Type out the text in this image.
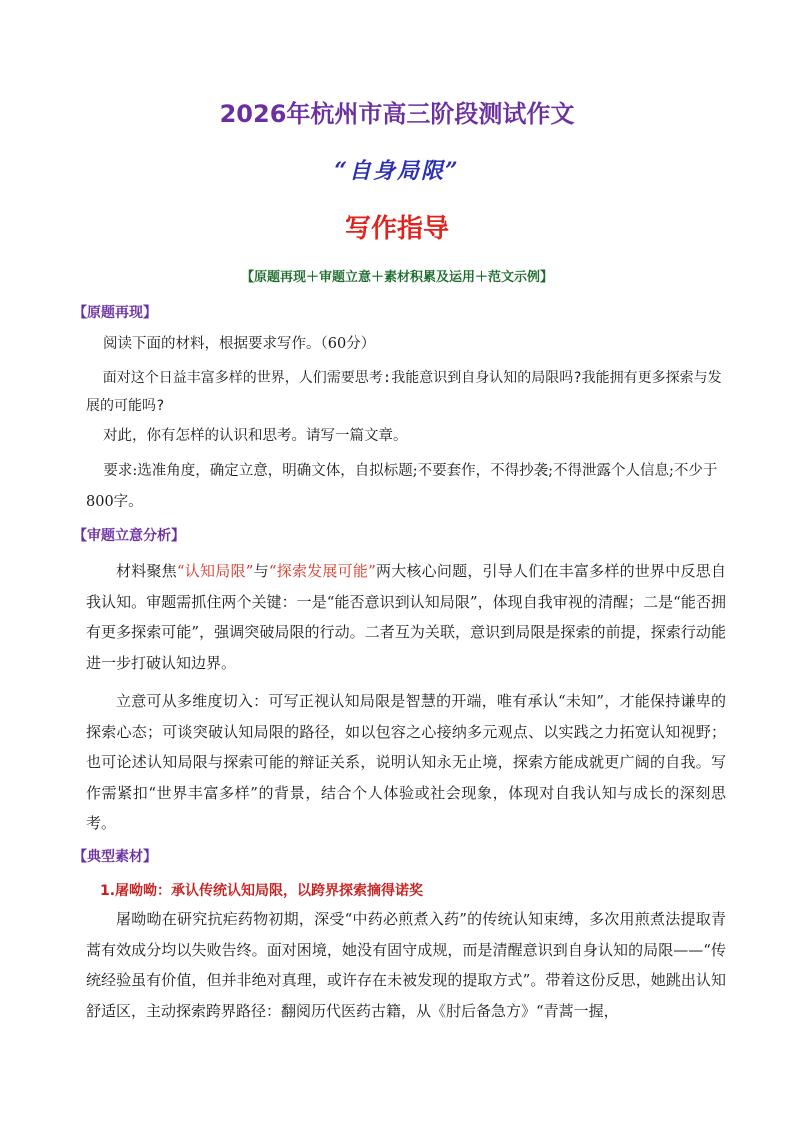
2026年杭州市高三阶段测试作文
“自身局限”
写作指导
【原题再现＋审题立意＋素材积累及运用＋范文示例】
【原题再现】

阅读下面的材料，根据要求写作。（60分）

面对这个日益丰富多样的世界，人们需要思考:我能意识到自身认知的局限吗?我能拥有更多探索与发展的可能吗?

对此，你有怎样的认识和思考。请写一篇文章。

要求:选准角度，确定立意，明确文体，自拟标题;不要套作，不得抄袭;不得泄露个人信息;不少于800字。

【审题立意分析】

材料聚焦“认知局限”与“探索发展可能”两大核心问题，引导人们在丰富多样的世界中反思自我认知。审题需抓住两个关键：一是“能否意识到认知局限”，体现自我审视的清醒；二是“能否拥有更多探索可能”，强调突破局限的行动。二者互为关联，意识到局限是探索的前提，探索行动能进一步打破认知边界。

立意可从多维度切入：可写正视认知局限是智慧的开端，唯有承认“未知”，才能保持谦卑的探索心态；可谈突破认知局限的路径，如以包容之心接纳多元观点、以实践之力拓宽认知视野；也可论述认知局限与探索可能的辩证关系，说明认知永无止境，探索方能成就更广阔的自我。写作需紧扣“世界丰富多样”的背景，结合个人体验或社会现象，体现对自我认知与成长的深刻思考。

【典型素材】
1.屠呦呦：承认传统认知局限，以跨界探索摘得诺奖

屠呦呦在研究抗疟药物初期，深受“中药必煎煮入药”的传统认知束缚，多次用煎煮法提取青蒿有效成分均以失败告终。面对困境，她没有固守成规，而是清醒意识到自身认知的局限——“传统经验虽有价值，但并非绝对真理，或许存在未被发现的提取方式”。带着这份反思，她跳出认知舒适区，主动探索跨界路径：翻阅历代医药古籍，从《肘后备急方》“青蒿一握，
